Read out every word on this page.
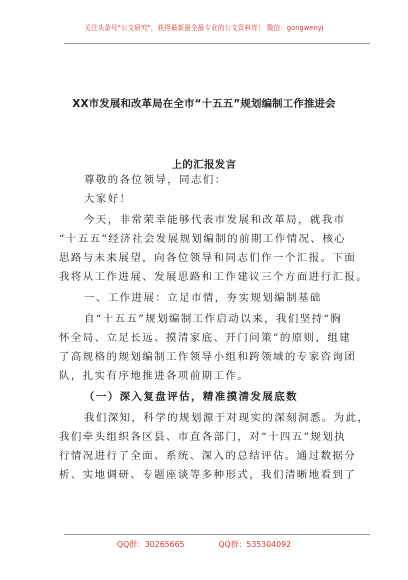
关注头条号"公文研究"，获得最新最全最专业的公文资料库！ 微信：gongwenyj
XX市发展和改革局在全市“十五五”规划编制工作推进会
上的汇报发言
尊敬的各位领导，同志们：
大家好！
今天，非常荣幸能够代表市发展和改革局，就我市
“十五五”经济社会发展规划编制的前期工作情况、核心
思路与未来展望，向各位领导和同志们作一个汇报。下面
我将从工作进展、发展思路和工作建议三个方面进行汇报。
一、工作进展：立足市情，夯实规划编制基础
自“十五五”规划编制工作启动以来，我们坚持“胸
怀全局、立足长远、摸清家底、开门问策”的原则，组建
了高规格的规划编制工作领导小组和跨领域的专家咨询团
队，扎实有序地推进各项前期工作。
（一）深入复盘评估，精准摸清发展底数
我们深知，科学的规划源于对现实的深刻洞悉。为此，
我们牵头组织各区县、市直各部门，对“十四五”规划执
行情况进行了全面、系统、深入的总结评估。通过数据分
析、实地调研、专题座谈等多种形式，我们清晰地看到了
QQ群：30265665	QQ群：535304092
